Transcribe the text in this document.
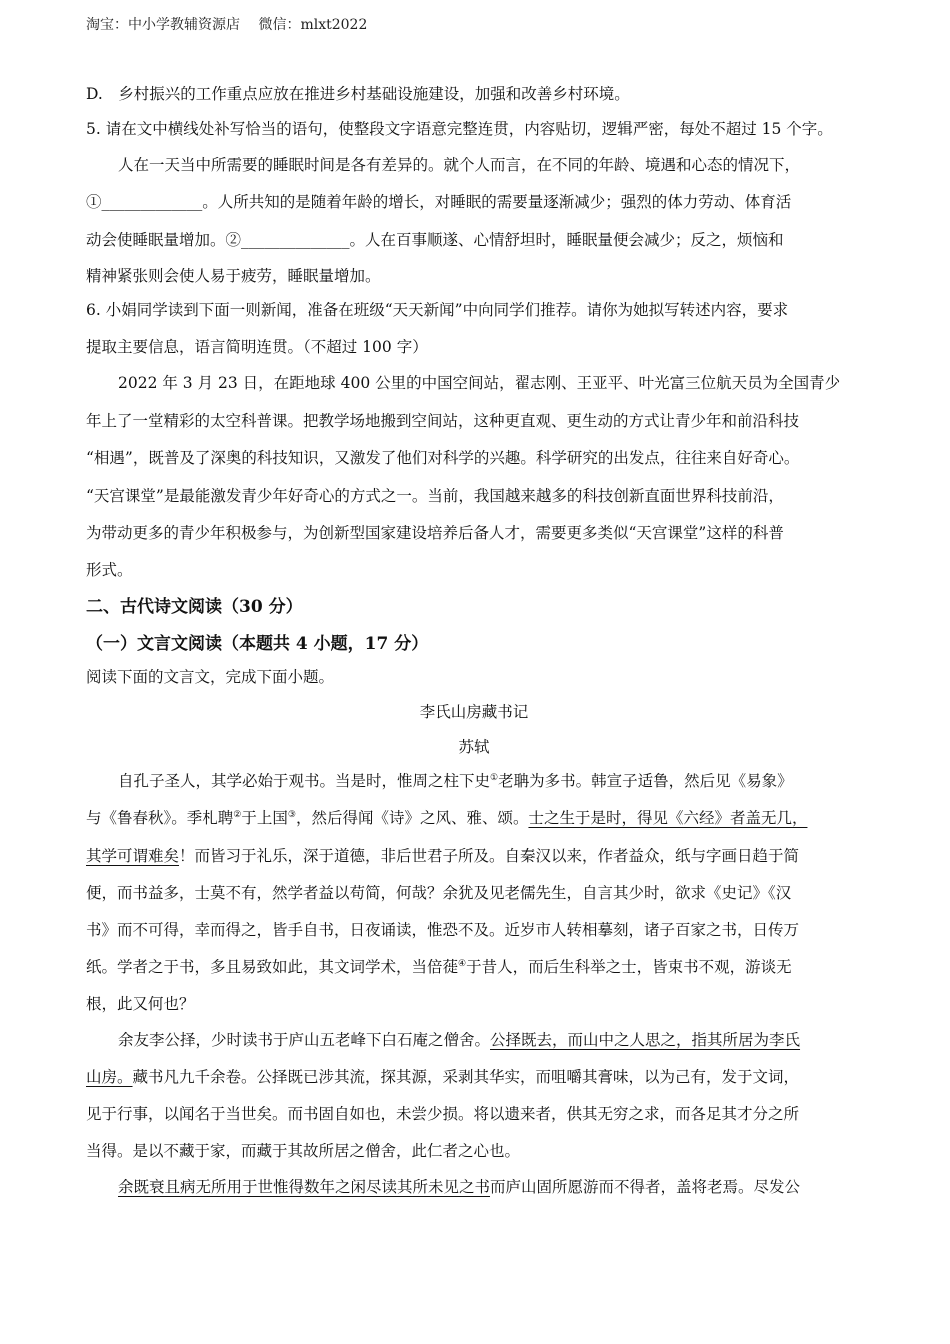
淘宝：中小学教辅资源店　 微信：mlxt2022
D.　乡村振兴的工作重点应放在推进乡村基础设施建设，加强和改善乡村环境。
5. 请在文中横线处补写恰当的语句，使整段文字语意完整连贯，内容贴切，逻辑严密，每处不超过 15 个字。
人在一天当中所需要的睡眠时间是各有差异的。就个人而言，在不同的年龄、境遇和心态的情况下，
①_____________。人所共知的是随着年龄的增长，对睡眠的需要量逐渐减少；强烈的体力劳动、体育活
动会使睡眠量增加。②______________。人在百事顺遂、心情舒坦时，睡眠量便会减少；反之，烦恼和
精神紧张则会使人易于疲劳，睡眠量增加。
6. 小娟同学读到下面一则新闻，准备在班级“天天新闻”中向同学们推荐。请你为她拟写转述内容，要求
提取主要信息，语言简明连贯。（不超过 100 字）
2022 年 3 月 23 日，在距地球 400 公里的中国空间站，翟志刚、王亚平、叶光富三位航天员为全国青少
年上了一堂精彩的太空科普课。把教学场地搬到空间站，这种更直观、更生动的方式让青少年和前沿科技
“相遇”，既普及了深奥的科技知识，又激发了他们对科学的兴趣。科学研究的出发点，往往来自好奇心。
“天宫课堂”是最能激发青少年好奇心的方式之一。当前，我国越来越多的科技创新直面世界科技前沿，
为带动更多的青少年积极参与，为创新型国家建设培养后备人才，需要更多类似“天宫课堂”这样的科普
形式。
二、古代诗文阅读（30 分）
（一）文言文阅读（本题共 4 小题，17 分）
阅读下面的文言文，完成下面小题。
李氏山房藏书记
苏轼
自孔子圣人，其学必始于观书。当是时，惟周之柱下史①老聃为多书。韩宣子适鲁，然后见《易象》
与《鲁春秋》。季札聘②于上国③，然后得闻《诗》之风、雅、颂。士之生于是时，得见《六经》者盖无几，
其学可谓难矣！而皆习于礼乐，深于道德，非后世君子所及。自秦汉以来，作者益众，纸与字画日趋于简
便，而书益多，士莫不有，然学者益以苟简，何哉？余犹及见老儒先生，自言其少时，欲求《史记》《汉
书》而不可得，幸而得之，皆手自书，日夜诵读，惟恐不及。近岁市人转相摹刻，诸子百家之书，日传万
纸。学者之于书，多且易致如此，其文词学术，当倍蓰④于昔人，而后生科举之士，皆束书不观，游谈无
根，此又何也？
余友李公择，少时读书于庐山五老峰下白石庵之僧舍。公择既去，而山中之人思之，指其所居为李氏
山房。藏书凡九千余卷。公择既已涉其流，探其源，采剥其华实，而咀嚼其膏味，以为己有，发于文词，
见于行事，以闻名于当世矣。而书固自如也，未尝少损。将以遗来者，供其无穷之求，而各足其才分之所
当得。是以不藏于家，而藏于其故所居之僧舍，此仁者之心也。
余既衰且病无所用于世惟得数年之闲尽读其所未见之书而庐山固所愿游而不得者，盖将老焉。尽发公
